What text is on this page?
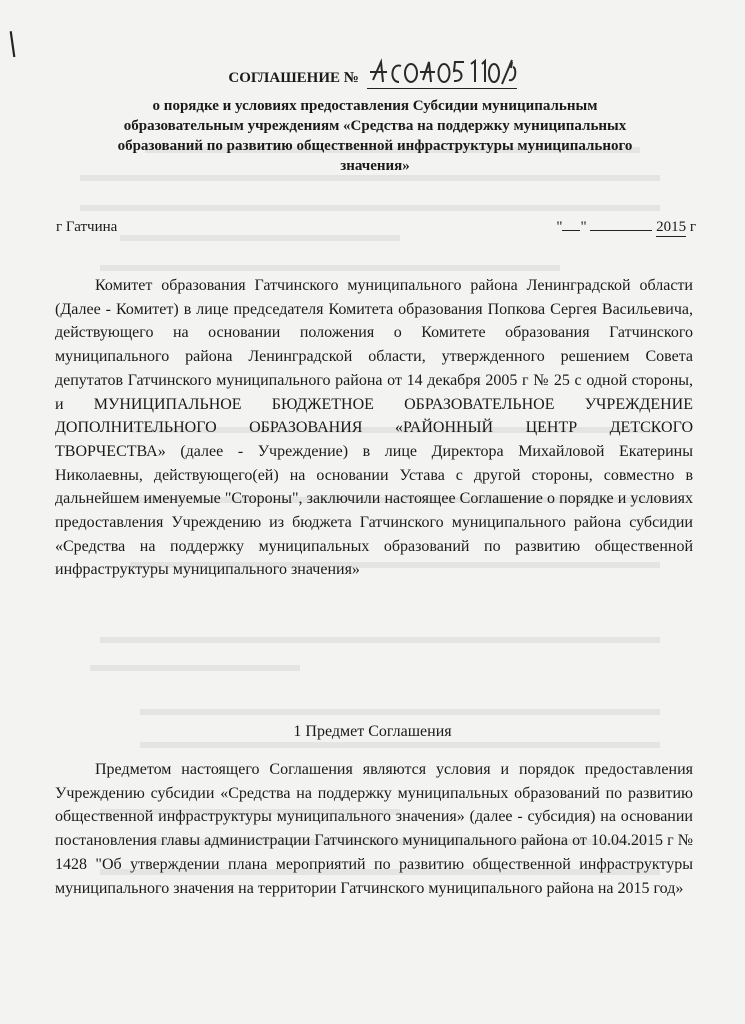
|
СОГЛАШЕНИЕ №
о порядке и условиях предоставления Субсидии муниципальным образовательным учреждениям «Средства на поддержку муниципальных образований по развитию общественной инфраструктуры муниципального значения»
г Гатчина	" "	2015 г
Комитет образования Гатчинского муниципального района Ленинградской области (Далее - Комитет) в лице председателя Комитета образования Попкова Сергея Васильевича, действующего на основании положения о Комитете образования Гатчинского муниципального района Ленинградской области, утвержденного решением Совета депутатов Гатчинского муниципального района от 14 декабря 2005 г № 25 с одной стороны, и МУНИЦИПАЛЬНОЕ БЮДЖЕТНОЕ ОБРАЗОВАТЕЛЬНОЕ УЧРЕЖДЕНИЕ ДОПОЛНИТЕЛЬНОГО ОБРАЗОВАНИЯ «РАЙОННЫЙ ЦЕНТР ДЕТСКОГО ТВОРЧЕСТВА» (далее - Учреждение) в лице Директора Михайловой Екатерины Николаевны, действующего(ей) на основании Устава с другой стороны, совместно в дальнейшем именуемые "Стороны", заключили настоящее Соглашение о порядке и условиях предоставления Учреждению из бюджета Гатчинского муниципального района субсидии «Средства на поддержку муниципальных образований по развитию общественной инфраструктуры муниципального значения»
1 Предмет Соглашения
Предметом настоящего Соглашения являются условия и порядок предоставления Учреждению субсидии «Средства на поддержку муниципальных образований по развитию общественной инфраструктуры муниципального значения» (далее - субсидия) на основании постановления главы администрации Гатчинского муниципального района от 10.04.2015 г № 1428 "Об утверждении плана мероприятий по развитию общественной инфраструктуры муниципального значения на территории Гатчинского муниципального района на 2015 год»
